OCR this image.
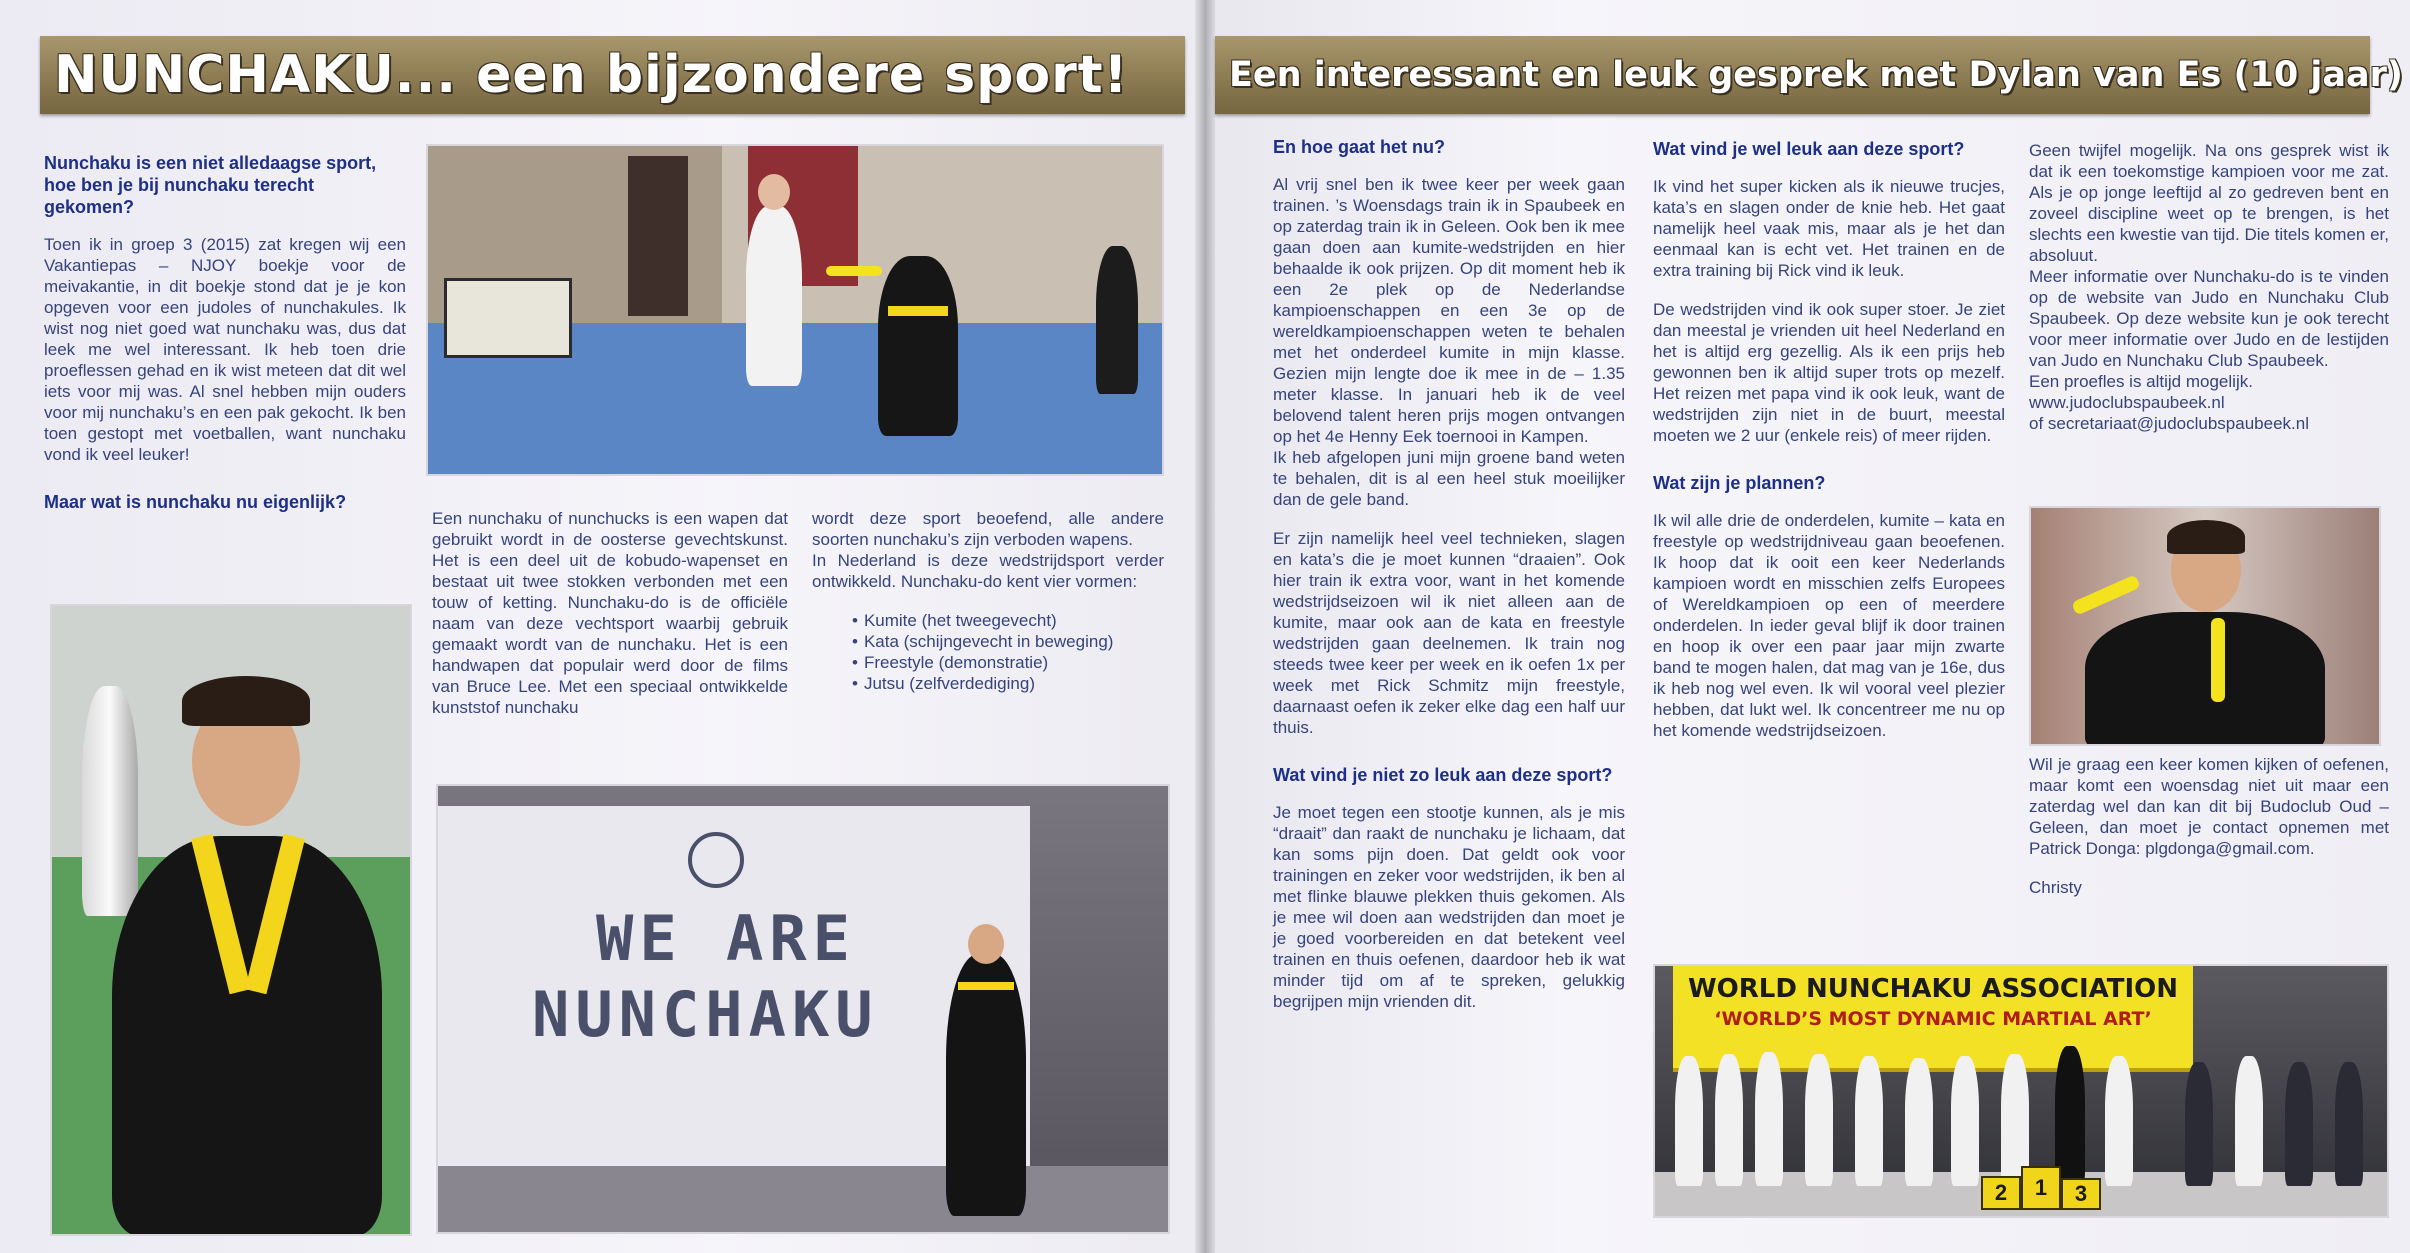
NUNCHAKU... een bijzondere sport!
Nunchaku is een niet alledaagse sport, hoe ben je bij nunchaku terecht gekomen?
Toen ik in groep 3 (2015) zat kregen wij een Vakantiepas – NJOY boekje voor de meivakantie, in dit boekje stond dat je je kon opgeven voor een judoles of nunchakules. Ik wist nog niet goed wat nunchaku was, dus dat leek me wel interessant. Ik heb toen drie proeflessen gehad en ik wist meteen dat dit wel iets voor mij was. Al snel hebben mijn ouders voor mij nunchaku’s en een pak gekocht. Ik ben toen gestopt met voetballen, want nunchaku vond ik veel leuker!
Maar wat is nunchaku nu eigenlijk?
Een nunchaku of nunchucks is een wapen dat gebruikt wordt in de oosterse gevechtskunst. Het is een deel uit de kobudo-wapenset en bestaat uit twee stokken verbonden met een touw of ketting. Nunchaku-do is de officiële naam van deze vechtsport waarbij gebruik gemaakt wordt van de nunchaku. Het is een handwapen dat populair werd door de films van Bruce Lee. Met een speciaal ontwikkelde kunststof nunchaku
wordt deze sport beoefend, alle andere soorten nunchaku’s zijn verboden wapens.
In Nederland is deze wedstrijdsport verder ontwikkeld. Nunchaku-do kent vier vormen:
• Kumite (het tweegevecht)
• Kata (schijngevecht in beweging)
• Freestyle (demonstratie)
• Jutsu (zelfverdediging)
WE ARE
NUNCHAKU
Een interessant en leuk gesprek met Dylan van Es (10 jaar)
En hoe gaat het nu?
Al vrij snel ben ik twee keer per week gaan trainen. ’s Woensdags train ik in Spaubeek en op zaterdag train ik in Geleen. Ook ben ik mee gaan doen aan kumite-wedstrijden en hier behaalde ik ook prijzen. Op dit moment heb ik een 2e plek op de Nederlandse kampioenschappen en een 3e op de wereldkampioenschappen weten te behalen met het onderdeel kumite in mijn klasse. Gezien mijn lengte doe ik mee in de – 1.35 meter klasse. In januari heb ik de veel belovend talent heren prijs mogen ontvangen op het 4e Henny Eek toernooi in Kampen.
Ik heb afgelopen juni mijn groene band weten te behalen, dit is al een heel stuk moeilijker dan de gele band.
Er zijn namelijk heel veel technieken, slagen en kata’s die je moet kunnen “draaien”. Ook hier train ik extra voor, want in het komende wedstrijdseizoen wil ik niet alleen aan de kumite, maar ook aan de kata en freestyle wedstrijden gaan deelnemen. Ik train nog steeds twee keer per week en ik oefen 1x per week met Rick Schmitz mijn freestyle, daarnaast oefen ik zeker elke dag een half uur thuis.
Wat vind je niet zo leuk aan deze sport?
Je moet tegen een stootje kunnen, als je mis “draait” dan raakt de nunchaku je lichaam, dat kan soms pijn doen. Dat geldt ook voor trainingen en zeker voor wedstrijden, ik ben al met flinke blauwe plekken thuis gekomen. Als je mee wil doen aan wedstrijden dan moet je je goed voorbereiden en dat betekent veel trainen en thuis oefenen, daardoor heb ik wat minder tijd om af te spreken, gelukkig begrijpen mijn vrienden dit.
Wat vind je wel leuk aan deze sport?
Ik vind het super kicken als ik nieuwe trucjes, kata’s en slagen onder de knie heb. Het gaat namelijk heel vaak mis, maar als je het dan eenmaal kan is echt vet. Het trainen en de extra training bij Rick vind ik leuk.
De wedstrijden vind ik ook super stoer. Je ziet dan meestal je vrienden uit heel Nederland en het is altijd erg gezellig. Als ik een prijs heb gewonnen ben ik altijd super trots op mezelf. Het reizen met papa vind ik ook leuk, want de wedstrijden zijn niet in de buurt, meestal moeten we 2 uur (enkele reis) of meer rijden.
Wat zijn je plannen?
Ik wil alle drie de onderdelen, kumite – kata en freestyle op wedstrijdniveau gaan beoefenen. Ik hoop dat ik ooit een keer Nederlands kampioen wordt en misschien zelfs Europees of Wereldkampioen op een of meerdere onderdelen. In ieder geval blijf ik door trainen en hoop ik over een paar jaar mijn zwarte band te mogen halen, dat mag van je 16e, dus ik heb nog wel even. Ik wil vooral veel plezier hebben, dat lukt wel. Ik concentreer me nu op het komende wedstrijdseizoen.
Geen twijfel mogelijk. Na ons gesprek wist ik dat ik een toekomstige kampioen voor me zat. Als je op jonge leeftijd al zo gedreven bent en zoveel discipline weet op te brengen, is het slechts een kwestie van tijd. Die titels komen er, absoluut.
Meer informatie over Nunchaku-do is te vinden op de website van Judo en Nunchaku Club Spaubeek. Op deze website kun je ook terecht voor meer informatie over Judo en de lestijden van Judo en Nunchaku Club Spaubeek.
Een proefles is altijd mogelijk.
www.judoclubspaubeek.nl
of secretariaat@judoclubspaubeek.nl
Wil je graag een keer komen kijken of oefenen, maar komt een woensdag niet uit maar een zaterdag wel dan kan dit bij Budoclub Oud – Geleen, dan moet je contact opnemen met Patrick Donga: plgdonga@gmail.com.
Christy
WORLD NUNCHAKU ASSOCIATION
‘WORLD’S MOST DYNAMIC MARTIAL ART’
2	1	3
